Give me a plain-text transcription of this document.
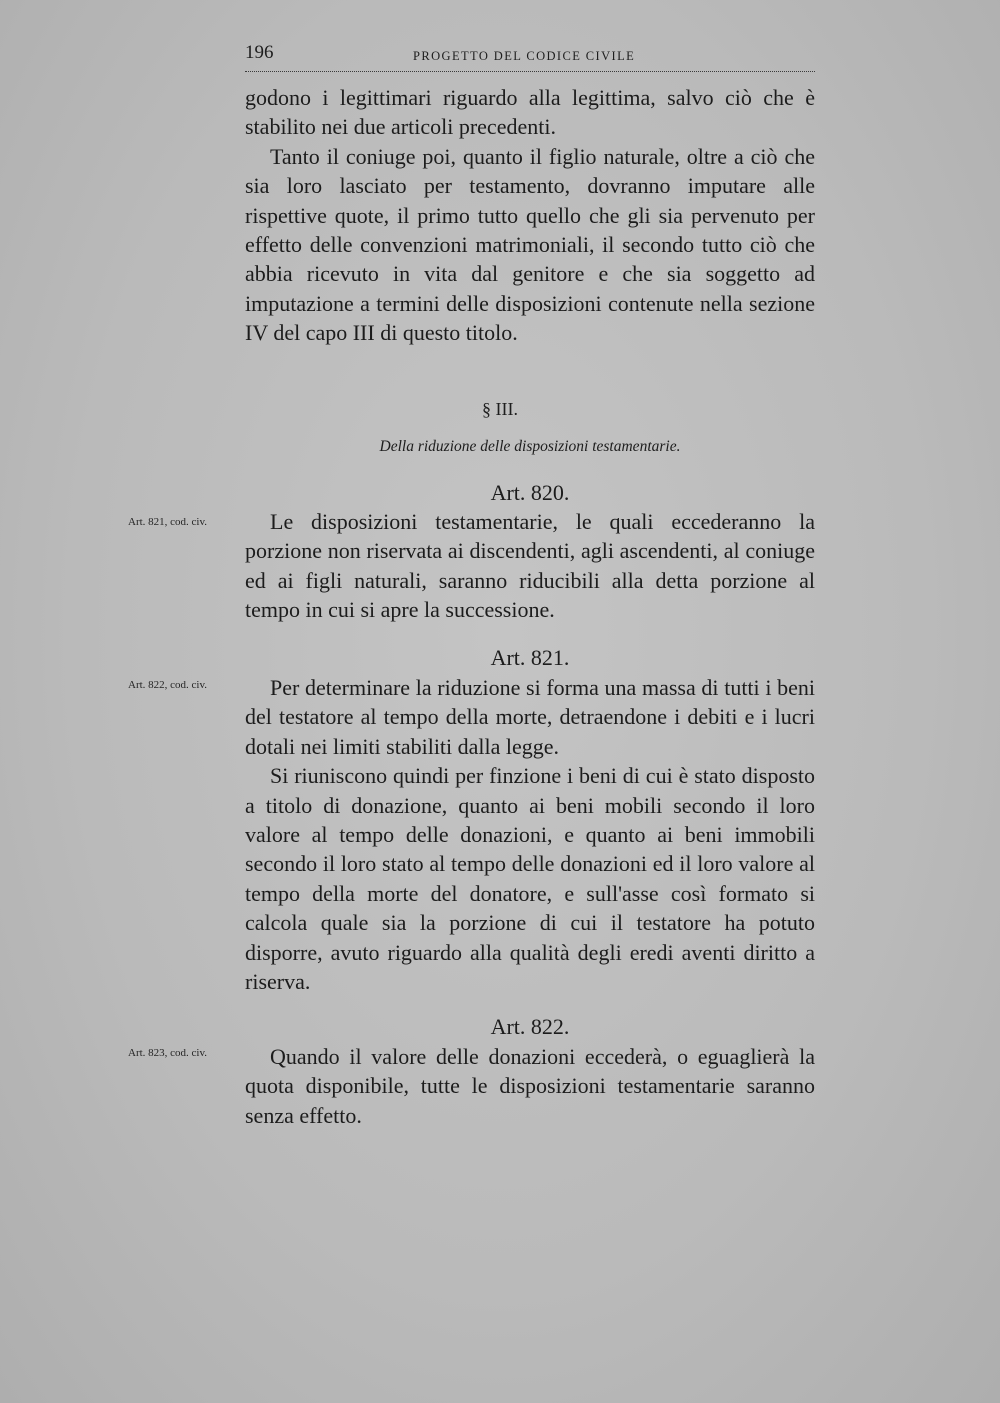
196	PROGETTO DEL CODICE CIVILE

godono i legittimari riguardo alla legittima, salvo ciò che è stabilito nei due articoli precedenti.

Tanto il coniuge poi, quanto il figlio naturale, oltre a ciò che sia loro lasciato per testamento, dovranno imputare alle rispettive quote, il primo tutto quello che gli sia pervenuto per effetto delle convenzioni matrimoniali, il secondo tutto ciò che abbia ricevuto in vita dal genitore e che sia soggetto ad imputazione a termini delle disposizioni contenute nella sezione IV del capo III di questo titolo.

§ III.
Della riduzione delle disposizioni testamentarie.
Art. 820.
Art. 821, cod. civ.	Le disposizioni testamentarie, le quali eccederanno la porzione non riservata ai discendenti, agli ascendenti, al coniuge ed ai figli naturali, saranno riducibili alla detta porzione al tempo in cui si apre la successione.

Art. 821.
Art. 822, cod. civ.	Per determinare la riduzione si forma una massa di tutti i beni del testatore al tempo della morte, detraendone i debiti e i lucri dotali nei limiti stabiliti dalla legge.

Si riuniscono quindi per finzione i beni di cui è stato disposto a titolo di donazione, quanto ai beni mobili secondo il loro valore al tempo delle donazioni, e quanto ai beni immobili secondo il loro stato al tempo delle donazioni ed il loro valore al tempo della morte del donatore, e sull'asse così formato si calcola quale sia la porzione di cui il testatore ha potuto disporre, avuto riguardo alla qualità degli eredi aventi diritto a riserva.

Art. 822.
Art. 823, cod. civ.	Quando il valore delle donazioni eccederà, o eguaglierà la quota disponibile, tutte le disposizioni testamentarie saranno senza effetto.
